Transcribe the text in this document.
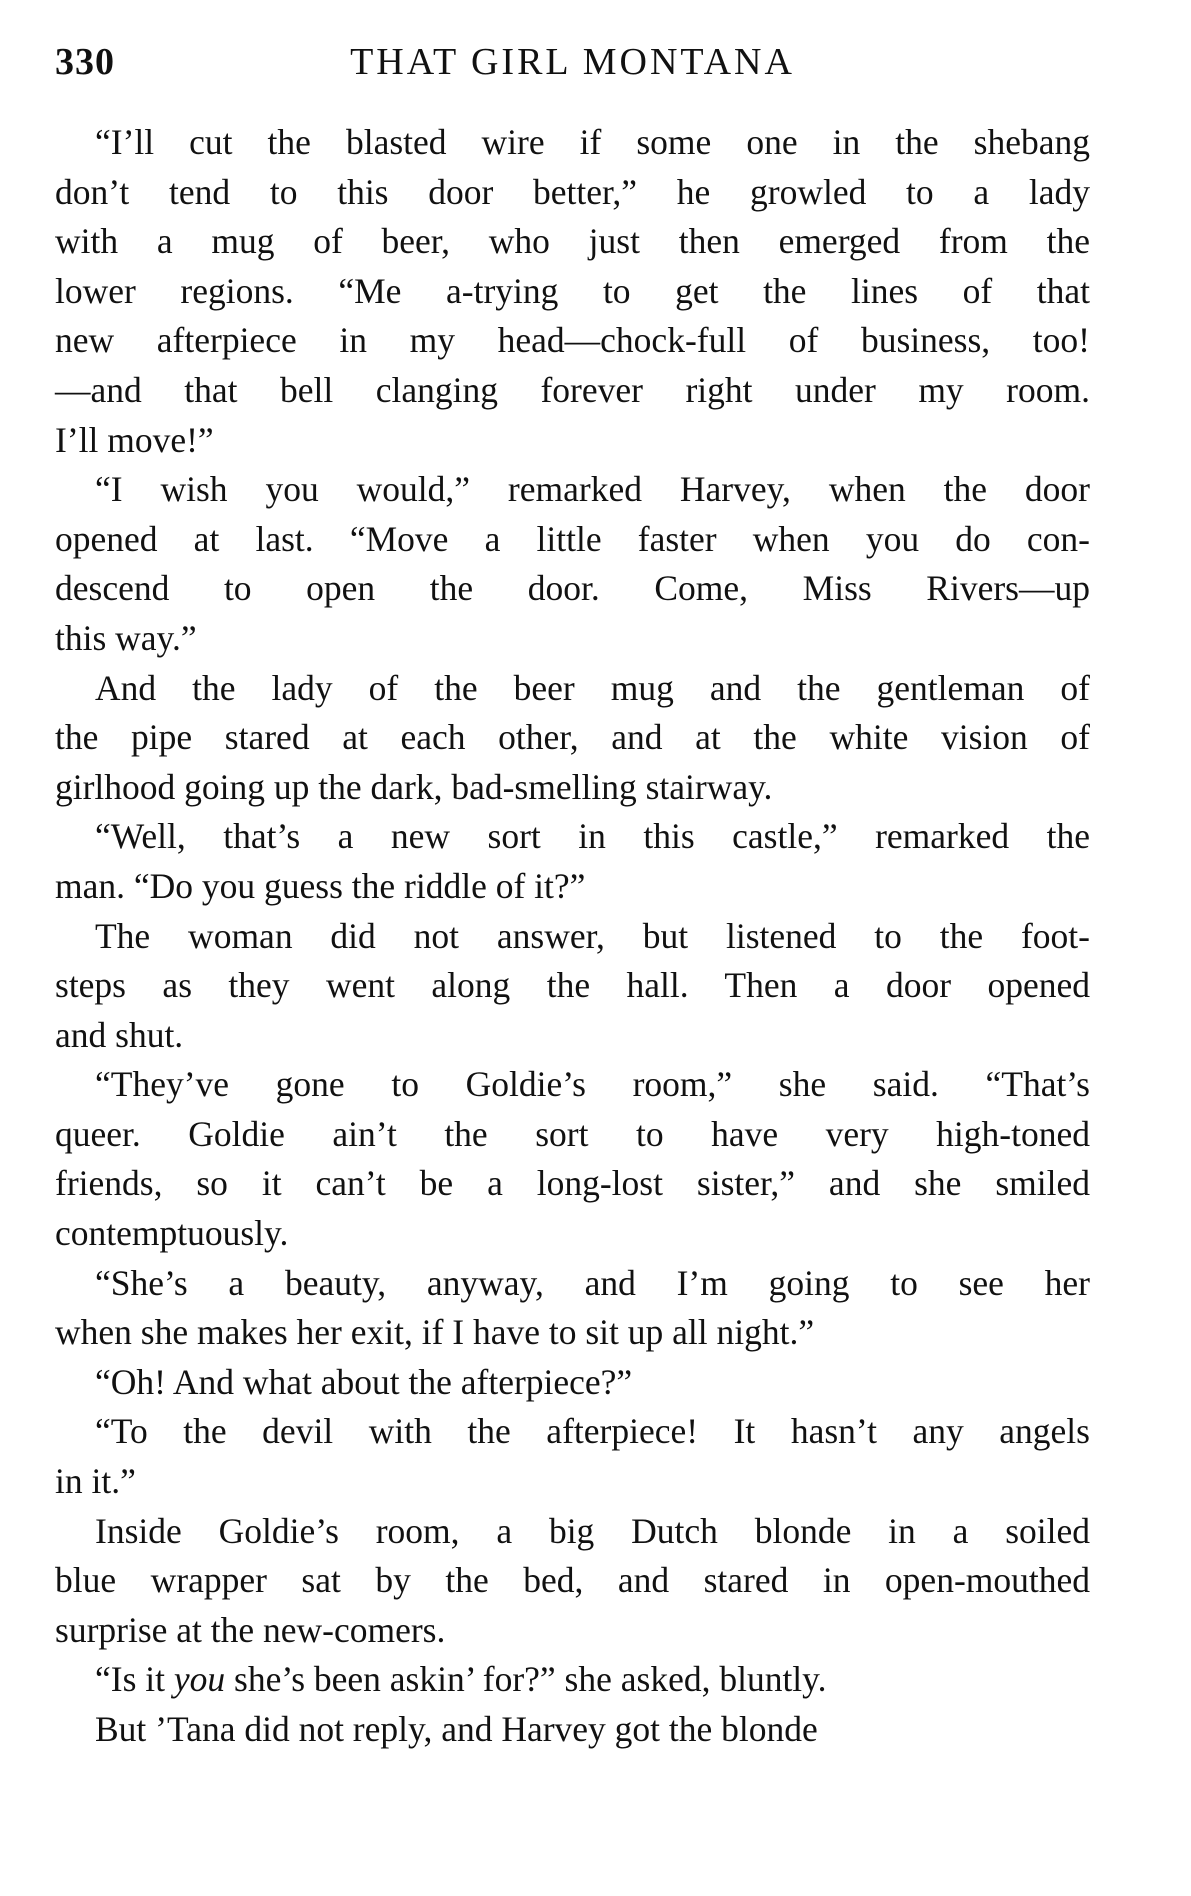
330	THAT GIRL MONTANA

“I’ll cut the blasted wire if some one in the shebang
don’t tend to this door better,” he growled to a lady
with a mug of beer, who just then emerged from the
lower regions. “Me a-trying to get the lines of that
new afterpiece in my head—chock-full of business, too!
—and that bell clanging forever right under my room.
I’ll move!”

“I wish you would,” remarked Harvey, when the door
opened at last. “Move a little faster when you do con-
descend to open the door. Come, Miss Rivers—up
this way.”

And the lady of the beer mug and the gentleman of
the pipe stared at each other, and at the white vision of
girlhood going up the dark, bad-smelling stairway.

“Well, that’s a new sort in this castle,” remarked the
man. “Do you guess the riddle of it?”

The woman did not answer, but listened to the foot-
steps as they went along the hall. Then a door opened
and shut.

“They’ve gone to Goldie’s room,” she said. “That’s
queer. Goldie ain’t the sort to have very high-toned
friends, so it can’t be a long-lost sister,” and she smiled
contemptuously.

“She’s a beauty, anyway, and I’m going to see her
when she makes her exit, if I have to sit up all night.”

“Oh! And what about the afterpiece?”

“To the devil with the afterpiece! It hasn’t any angels
in it.”

Inside Goldie’s room, a big Dutch blonde in a soiled
blue wrapper sat by the bed, and stared in open-mouthed
surprise at the new-comers.

“Is it you she’s been askin’ for?” she asked, bluntly.

But ’Tana did not reply, and Harvey got the blonde
